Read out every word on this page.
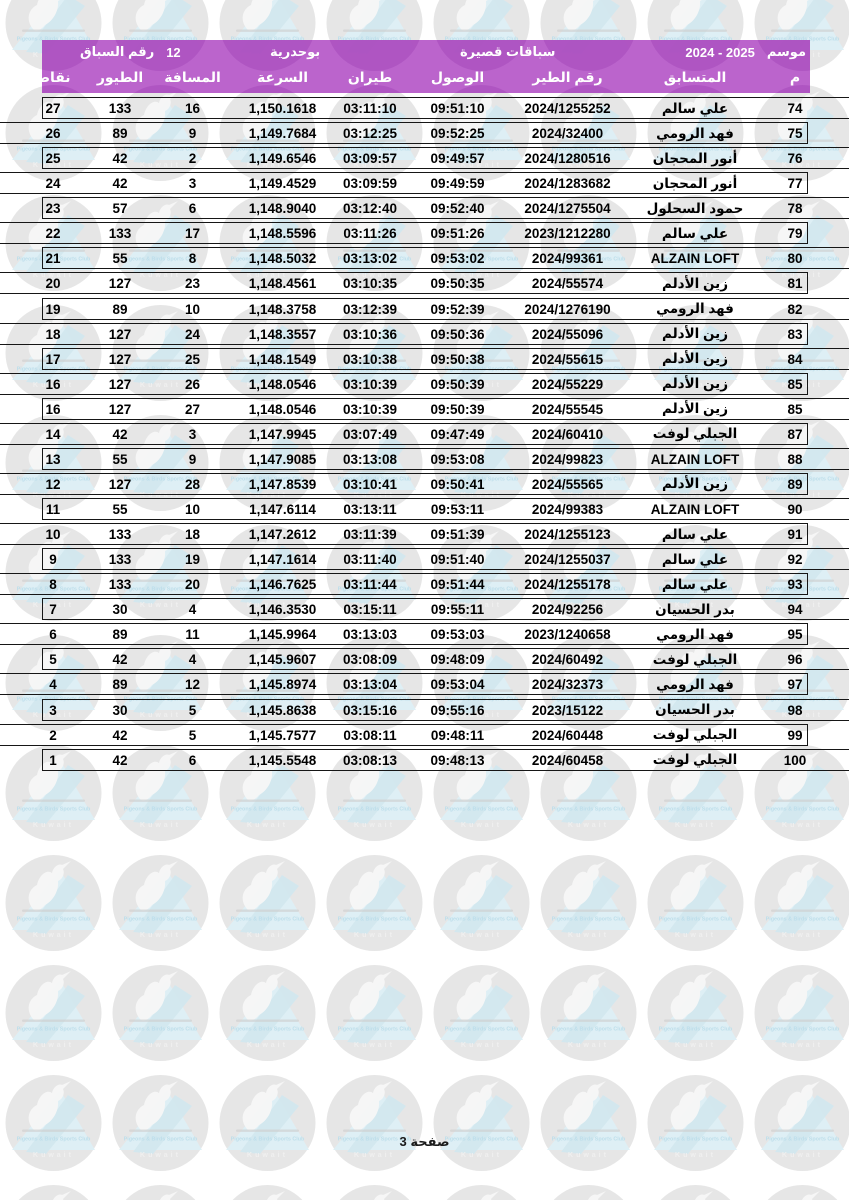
رقم السباق 12	بوحدرية	سباقات قصيرة	2024 - 2025 موسم
نقاط	الطيور	المسافة	السرعة	طيران	الوصول	رقم الطير	المتسابق	م
27	133	16	1,150.1618	03:11:10	09:51:10	2024/1255252	علي سالم	74
26	89	9	1,149.7684	03:12:25	09:52:25	2024/32400	فهد الرومي	75
25	42	2	1,149.6546	03:09:57	09:49:57	2024/1280516	أنور المحجان	76
24	42	3	1,149.4529	03:09:59	09:49:59	2024/1283682	أنور المحجان	77
23	57	6	1,148.9040	03:12:40	09:52:40	2024/1275504	حمود السحلول	78
22	133	17	1,148.5596	03:11:26	09:51:26	2023/1212280	علي سالم	79
21	55	8	1,148.5032	03:13:02	09:53:02	2024/99361	ALZAIN LOFT	80
20	127	23	1,148.4561	03:10:35	09:50:35	2024/55574	زين الأدلم	81
19	89	10	1,148.3758	03:12:39	09:52:39	2024/1276190	فهد الرومي	82
18	127	24	1,148.3557	03:10:36	09:50:36	2024/55096	زين الأدلم	83
17	127	25	1,148.1549	03:10:38	09:50:38	2024/55615	زين الأدلم	84
16	127	26	1,148.0546	03:10:39	09:50:39	2024/55229	زين الأدلم	85
16	127	27	1,148.0546	03:10:39	09:50:39	2024/55545	زين الأدلم	85
14	42	3	1,147.9945	03:07:49	09:47:49	2024/60410	الجبلي لوفت	87
13	55	9	1,147.9085	03:13:08	09:53:08	2024/99823	ALZAIN LOFT	88
12	127	28	1,147.8539	03:10:41	09:50:41	2024/55565	زين الأدلم	89
11	55	10	1,147.6114	03:13:11	09:53:11	2024/99383	ALZAIN LOFT	90
10	133	18	1,147.2612	03:11:39	09:51:39	2024/1255123	علي سالم	91
9	133	19	1,147.1614	03:11:40	09:51:40	2024/1255037	علي سالم	92
8	133	20	1,146.7625	03:11:44	09:51:44	2024/1255178	علي سالم	93
7	30	4	1,146.3530	03:15:11	09:55:11	2024/92256	بدر الحسيان	94
6	89	11	1,145.9964	03:13:03	09:53:03	2023/1240658	فهد الرومي	95
5	42	4	1,145.9607	03:08:09	09:48:09	2024/60492	الجبلي لوفت	96
4	89	12	1,145.8974	03:13:04	09:53:04	2024/32373	فهد الرومي	97
3	30	5	1,145.8638	03:15:16	09:55:16	2023/15122	بدر الحسيان	98
2	42	5	1,145.7577	03:08:11	09:48:11	2024/60448	الجبلي لوفت	99
1	42	6	1,145.5548	03:08:13	09:48:13	2024/60458	الجبلي لوفت	100
صفحة 3
